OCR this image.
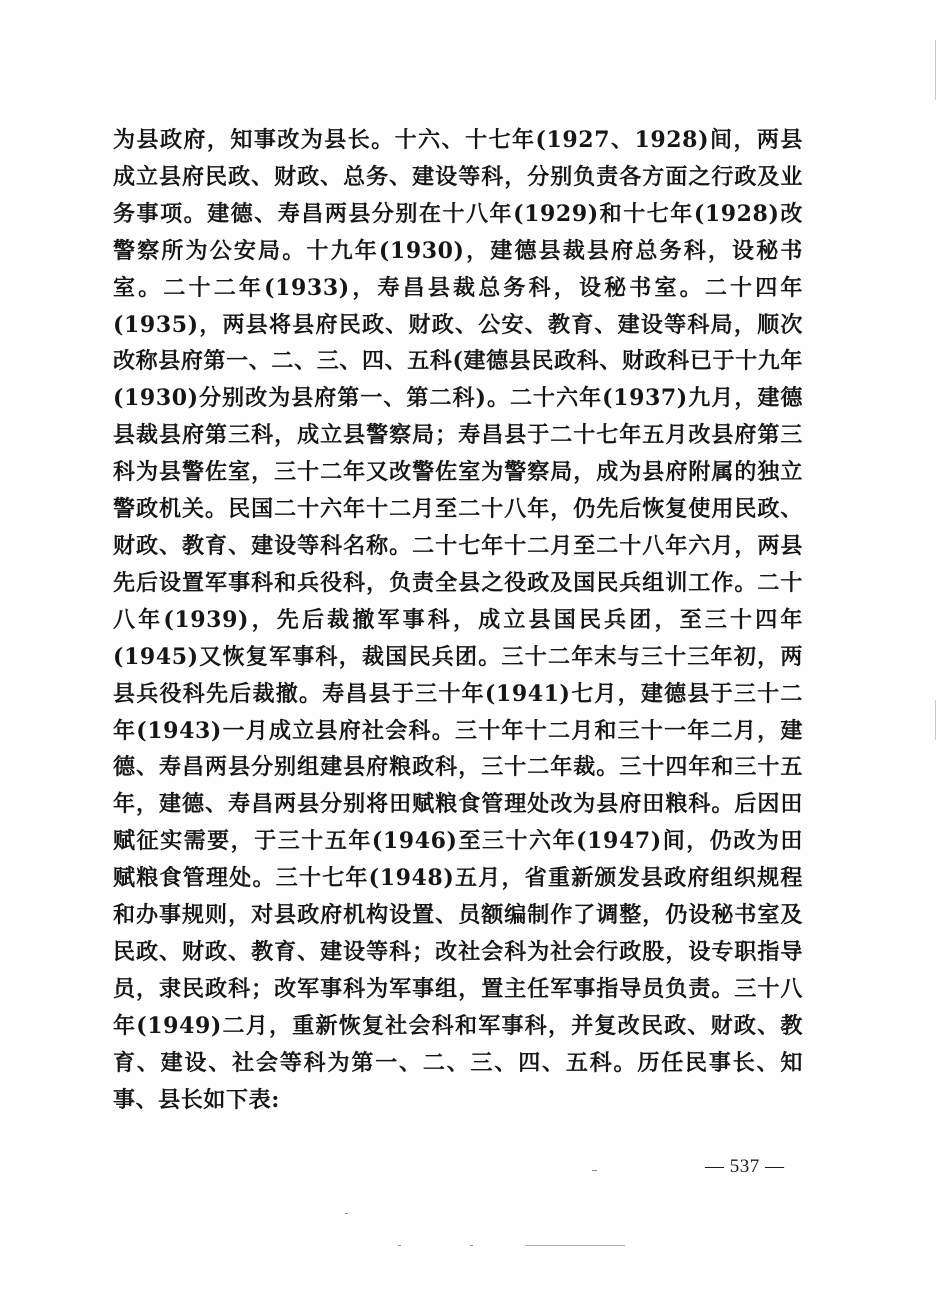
为县政府，知事改为县长。十六、十七年(1927、1928)间，两县成立县府民政、财政、总务、建设等科，分别负责各方面之行政及业务事项。建德、寿昌两县分别在十八年(1929)和十七年(1928)改警察所为公安局。十九年(1930)，建德县裁县府总务科，设秘书室。二十二年(1933)，寿昌县裁总务科，设秘书室。二十四年(1935)，两县将县府民政、财政、公安、教育、建设等科局，顺次改称县府第一、二、三、四、五科(建德县民政科、财政科已于十九年(1930)分别改为县府第一、第二科)。二十六年(1937)九月，建德县裁县府第三科，成立县警察局；寿昌县于二十七年五月改县府第三科为县警佐室，三十二年又改警佐室为警察局，成为县府附属的独立警政机关。民国二十六年十二月至二十八年，仍先后恢复使用民政、财政、教育、建设等科名称。二十七年十二月至二十八年六月，两县先后设置军事科和兵役科，负责全县之役政及国民兵组训工作。二十八年(1939)，先后裁撤军事科，成立县国民兵团，至三十四年(1945)又恢复军事科，裁国民兵团。三十二年末与三十三年初，两县兵役科先后裁撤。寿昌县于三十年(1941)七月，建德县于三十二年(1943)一月成立县府社会科。三十年十二月和三十一年二月，建德、寿昌两县分别组建县府粮政科，三十二年裁。三十四年和三十五年，建德、寿昌两县分别将田赋粮食管理处改为县府田粮科。后因田赋征实需要，于三十五年(1946)至三十六年(1947)间，仍改为田赋粮食管理处。三十七年(1948)五月，省重新颁发县政府组织规程和办事规则，对县政府机构设置、员额编制作了调整，仍设秘书室及民政、财政、教育、建设等科；改社会科为社会行政股，设专职指导员，隶民政科；改军事科为军事组，置主任军事指导员负责。三十八年(1949)二月，重新恢复社会科和军事科，并复改民政、财政、教育、建设、社会等科为第一、二、三、四、五科。历任民事长、知事、县长如下表:
— 537 —
